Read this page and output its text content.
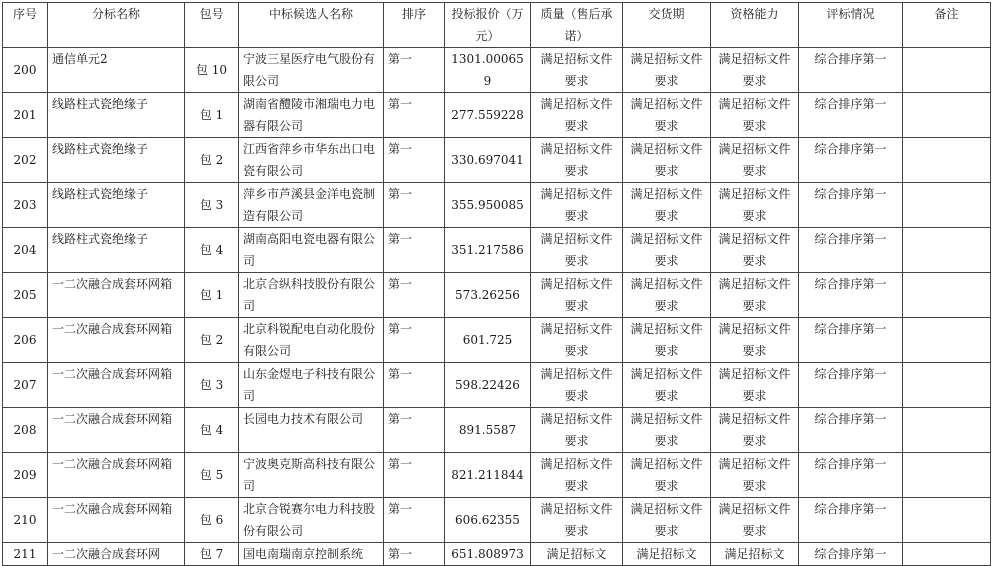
序号	分标名称	包号	中标候选人名称	排序	投标报价（万元）	质量（售后承诺）	交货期	资格能力	评标情况	备注
200	通信单元2	包 10	宁波三星医疗电气股份有限公司	第一	1301.000659	满足招标文件要求	满足招标文件要求	满足招标文件要求	综合排序第一	
201	线路柱式瓷绝缘子	包 1	湖南省醴陵市湘瑞电力电器有限公司	第一	277.559228	满足招标文件要求	满足招标文件要求	满足招标文件要求	综合排序第一	
202	线路柱式瓷绝缘子	包 2	江西省萍乡市华东出口电瓷有限公司	第一	330.697041	满足招标文件要求	满足招标文件要求	满足招标文件要求	综合排序第一	
203	线路柱式瓷绝缘子	包 3	萍乡市芦溪县金洋电瓷制造有限公司	第一	355.950085	满足招标文件要求	满足招标文件要求	满足招标文件要求	综合排序第一	
204	线路柱式瓷绝缘子	包 4	湖南高阳电瓷电器有限公司	第一	351.217586	满足招标文件要求	满足招标文件要求	满足招标文件要求	综合排序第一	
205	一二次融合成套环网箱	包 1	北京合纵科技股份有限公司	第一	573.26256	满足招标文件要求	满足招标文件要求	满足招标文件要求	综合排序第一	
206	一二次融合成套环网箱	包 2	北京科锐配电自动化股份有限公司	第一	601.725	满足招标文件要求	满足招标文件要求	满足招标文件要求	综合排序第一	
207	一二次融合成套环网箱	包 3	山东金煜电子科技有限公司	第一	598.22426	满足招标文件要求	满足招标文件要求	满足招标文件要求	综合排序第一	
208	一二次融合成套环网箱	包 4	长园电力技术有限公司	第一	891.5587	满足招标文件要求	满足招标文件要求	满足招标文件要求	综合排序第一	
209	一二次融合成套环网箱	包 5	宁波奥克斯高科技有限公司	第一	821.211844	满足招标文件要求	满足招标文件要求	满足招标文件要求	综合排序第一	
210	一二次融合成套环网箱	包 6	北京合锐赛尔电力科技股份有限公司	第一	606.62355	满足招标文件要求	满足招标文件要求	满足招标文件要求	综合排序第一	
211	一二次融合成套环网	包 7	国电南瑞南京控制系统	第一	651.808973	满足招标文	满足招标文	满足招标文	综合排序第一	
